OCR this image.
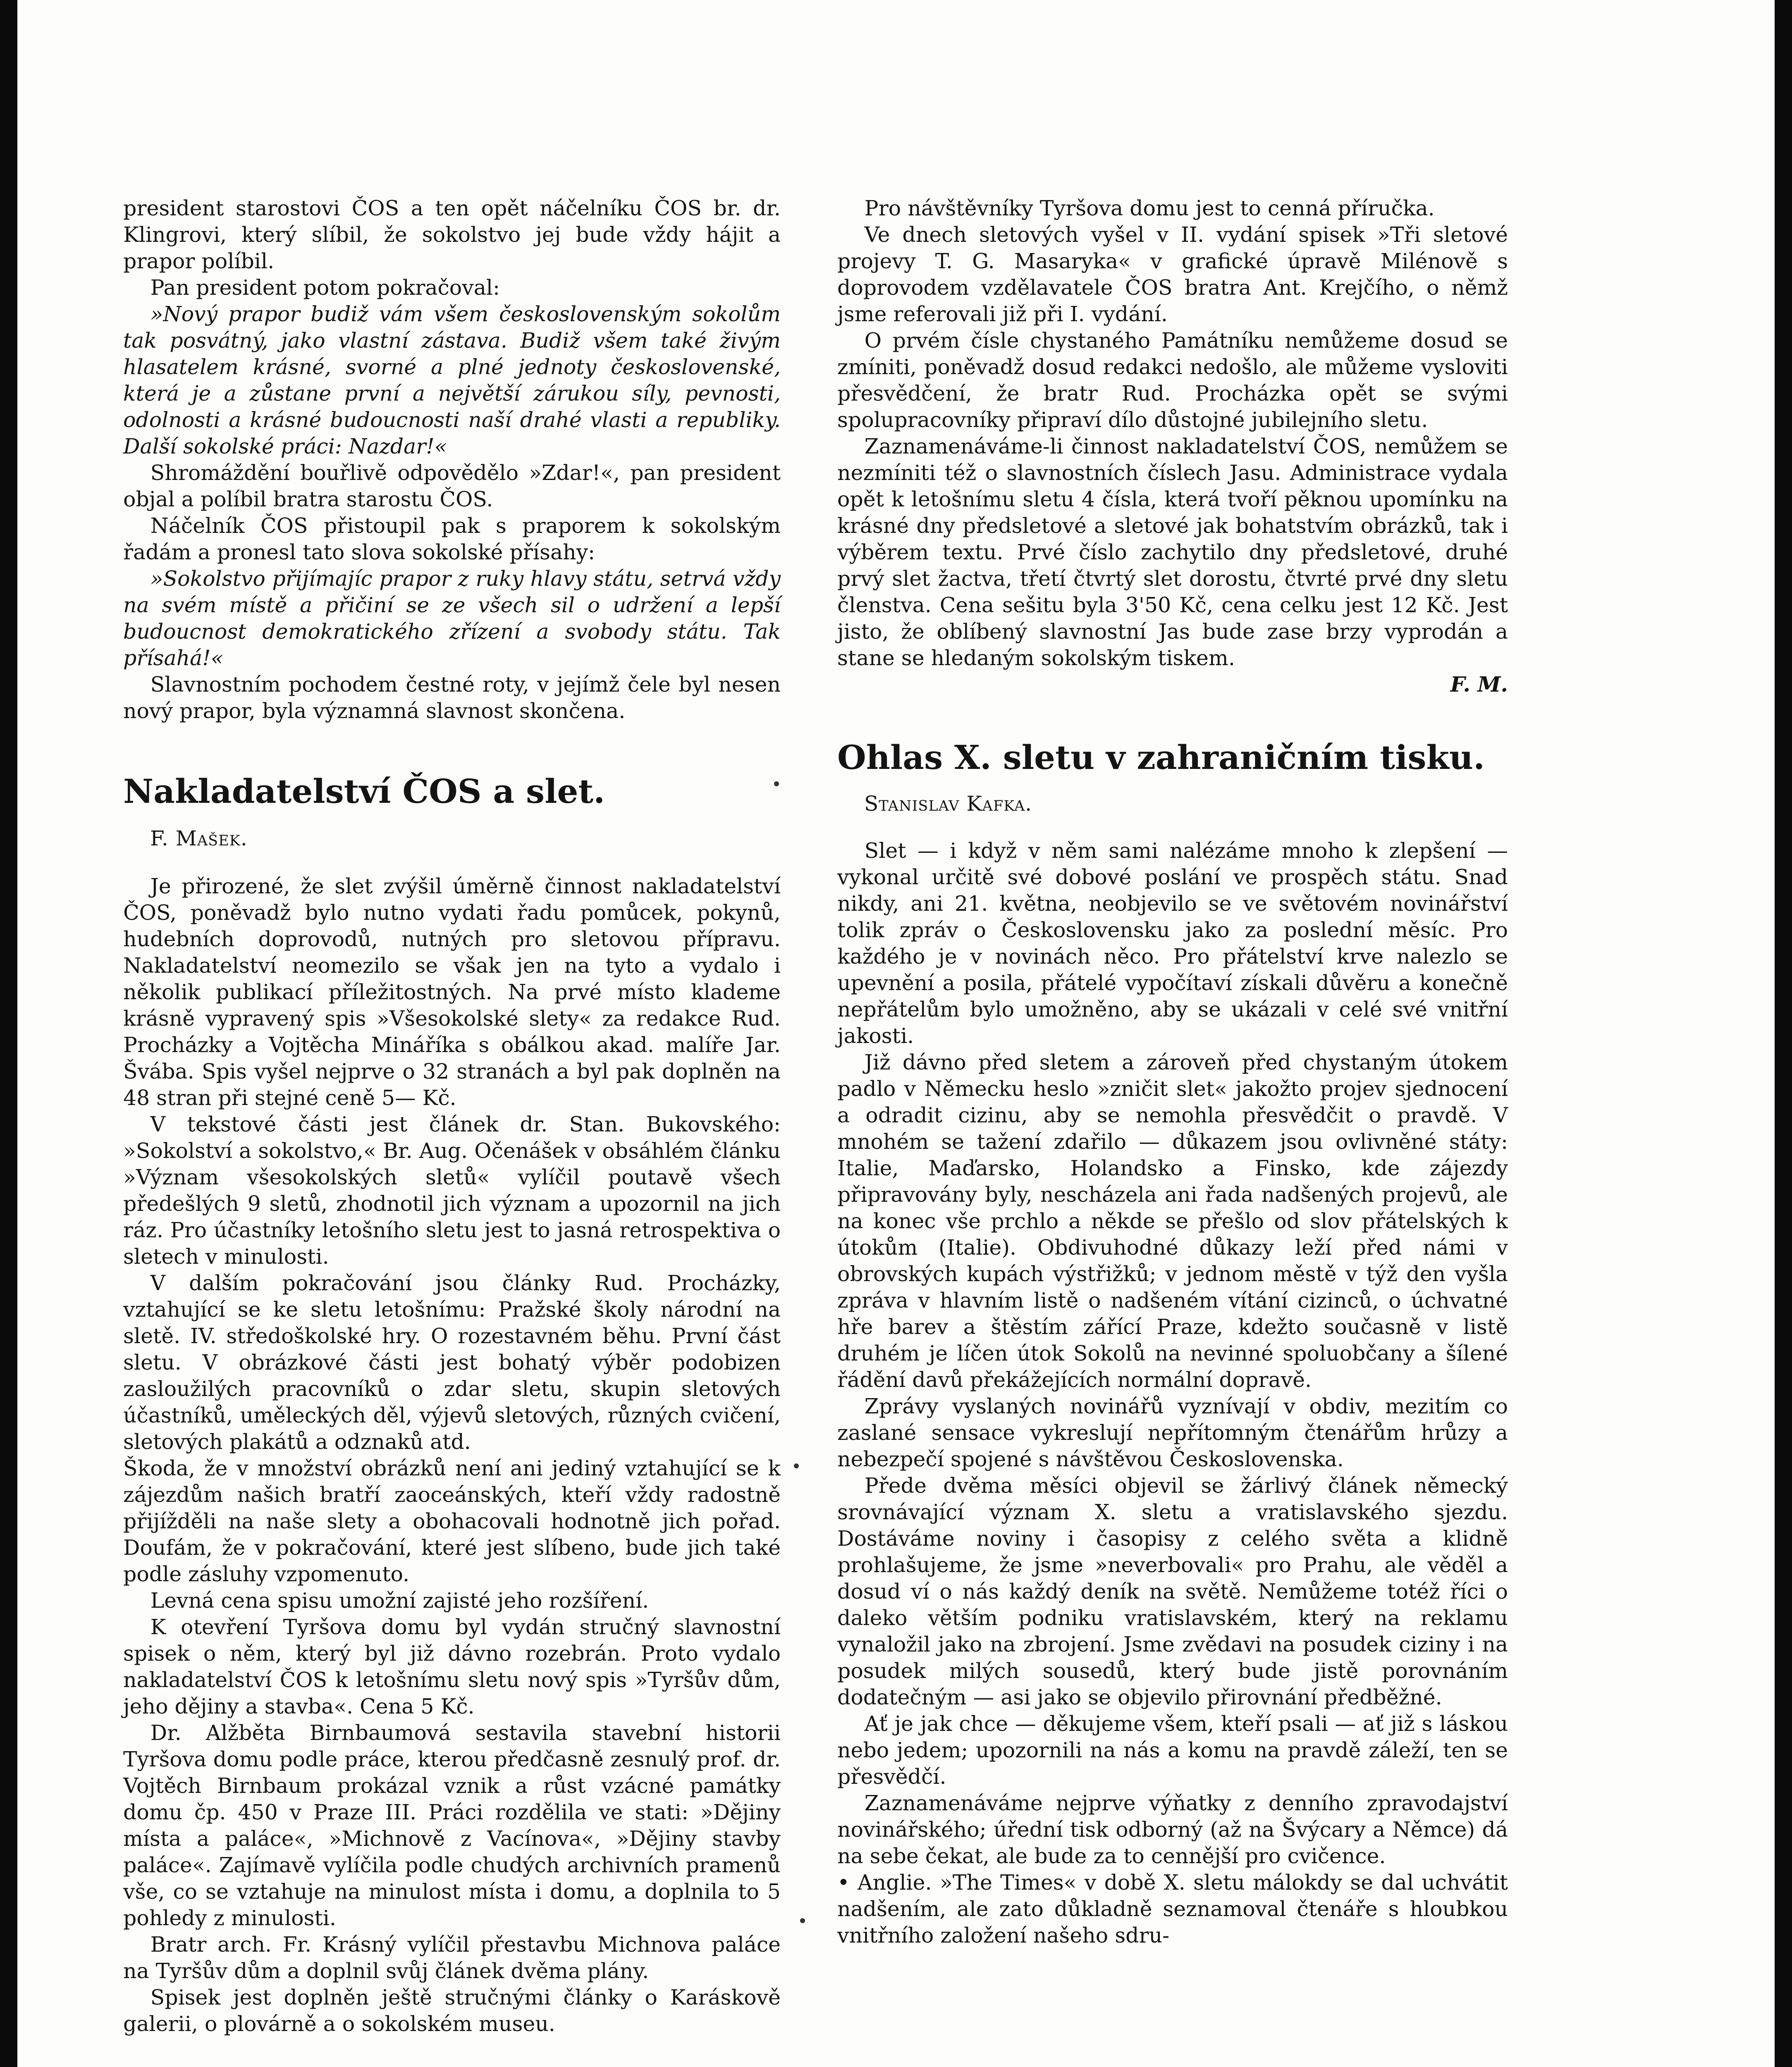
president starostovi ČOS a ten opět náčelníku ČOS br. dr. Klingrovi, který slíbil, že sokolstvo jej bude vždy hájit a prapor políbil.

Pan president potom pokračoval:

»Nový prapor budiž vám všem československým sokolům tak posvátný, jako vlastní zástava. Budiž všem také živým hlasatelem krásné, svorné a plné jednoty československé, která je a zůstane první a největší zárukou síly, pevnosti, odolnosti a krásné budoucnosti naší drahé vlasti a republiky. Další sokolské práci: Nazdar!«

Shromáždění bouřlivě odpovědělo »Zdar!«, pan president objal a políbil bratra starostu ČOS.

Náčelník ČOS přistoupil pak s praporem k sokolským řadám a pronesl tato slova sokolské přísahy:

»Sokolstvo přijímajíc prapor z ruky hlavy státu, setrvá vždy na svém místě a přičiní se ze všech sil o udržení a lepší budoucnost demokratického zřízení a svobody státu. Tak přísahá!«

Slavnostním pochodem čestné roty, v jejímž čele byl nesen nový prapor, byla významná slavnost skončena.

Nakladatelství ČOS a slet.

F. Mašek.

Je přirozené, že slet zvýšil úměrně činnost nakladatelství ČOS, poněvadž bylo nutno vydati řadu pomůcek, pokynů, hudebních doprovodů, nutných pro sletovou přípravu. Nakladatelství neomezilo se však jen na tyto a vydalo i několik publikací příležitostných. Na prvé místo klademe krásně vypravený spis »Všesokolské slety« za redakce Rud. Procházky a Vojtěcha Mináříka s obálkou akad. malíře Jar. Švába. Spis vyšel nejprve o 32 stranách a byl pak doplněn na 48 stran při stejné ceně 5— Kč.

V tekstové části jest článek dr. Stan. Bukovského: »Sokolství a sokolstvo,« Br. Aug. Očenášek v obsáhlém článku »Význam všesokolských sletů« vylíčil poutavě všech předešlých 9 sletů, zhodnotil jich význam a upozornil na jich ráz. Pro účastníky letošního sletu jest to jasná retrospektiva o sletech v minulosti.

V dalším pokračování jsou články Rud. Procházky, vztahující se ke sletu letošnímu: Pražské školy národní na sletě. IV. středoškolské hry. O rozestavném běhu. První část sletu. V obrázkové části jest bohatý výběr podobizen zasloužilých pracovníků o zdar sletu, skupin sletových účastníků, uměleckých děl, výjevů sletových, různých cvičení, sletových plakátů a odznaků atd.

Škoda, že v množství obrázků není ani jediný vztahující se k zájezdům našich bratří zaoceánských, kteří vždy radostně přijížděli na naše slety a obohacovali hodnotně jich pořad. Doufám, že v pokračování, které jest slíbeno, bude jich také podle zásluhy vzpomenuto.

Levná cena spisu umožní zajisté jeho rozšíření.

K otevření Tyršova domu byl vydán stručný slavnostní spisek o něm, který byl již dávno rozebrán. Proto vydalo nakladatelství ČOS k letošnímu sletu nový spis »Tyršův dům, jeho dějiny a stavba«. Cena 5 Kč.

Dr. Alžběta Birnbaumová sestavila stavební historii Tyršova domu podle práce, kterou předčasně zesnulý prof. dr. Vojtěch Birnbaum prokázal vznik a růst vzácné památky domu čp. 450 v Praze III. Práci rozdělila ve stati: »Dějiny místa a paláce«, »Michnově z Vacínova«, »Dějiny stavby paláce«. Zajímavě vylíčila podle chudých archivních pramenů vše, co se vztahuje na minulost místa i domu, a doplnila to 5 pohledy z minulosti.

Bratr arch. Fr. Krásný vylíčil přestavbu Michnova paláce na Tyršův dům a doplnil svůj článek dvěma plány.

Spisek jest doplněn ještě stručnými články o Karáskově galerii, o plovárně a o sokolském museu.

Pro návštěvníky Tyršova domu jest to cenná příručka.

Ve dnech sletových vyšel v II. vydání spisek »Tři sletové projevy T. G. Masaryka« v grafické úpravě Milénově s doprovodem vzdělavatele ČOS bratra Ant. Krejčího, o němž jsme referovali již při I. vydání.

O prvém čísle chystaného Památníku nemůžeme dosud se zmíniti, poněvadž dosud redakci nedošlo, ale můžeme vysloviti přesvědčení, že bratr Rud. Procházka opět se svými spolupracovníky připraví dílo důstojné jubilejního sletu.

Zaznamenáváme-li činnost nakladatelství ČOS, nemůžem se nezmíniti též o slavnostních číslech Jasu. Administrace vydala opět k letošnímu sletu 4 čísla, která tvoří pěknou upomínku na krásné dny předsletové a sletové jak bohatstvím obrázků, tak i výběrem textu. Prvé číslo zachytilo dny předsletové, druhé prvý slet žactva, třetí čtvrtý slet dorostu, čtvrté prvé dny sletu členstva. Cena sešitu byla 3'50 Kč, cena celku jest 12 Kč. Jest jisto, že oblíbený slavnostní Jas bude zase brzy vyprodán a stane se hledaným sokolským tiskem.

F. M.
Ohlas X. sletu v zahraničním tisku.

Stanislav Kafka.

Slet — i když v něm sami nalézáme mnoho k zlepšení — vykonal určitě své dobové poslání ve prospěch státu. Snad nikdy, ani 21. května, neobjevilo se ve světovém novinářství tolik zpráv o Československu jako za poslední měsíc. Pro každého je v novinách něco. Pro přátelství krve nalezlo se upevnění a posila, přátelé vypočítaví získali důvěru a konečně nepřátelům bylo umožněno, aby se ukázali v celé své vnitřní jakosti.

Již dávno před sletem a zároveň před chystaným útokem padlo v Německu heslo »zničit slet« jakožto projev sjednocení a odradit cizinu, aby se nemohla přesvědčit o pravdě. V mnohém se tažení zdařilo — důkazem jsou ovlivněné státy: Italie, Maďarsko, Holandsko a Finsko, kde zájezdy připravovány byly, nescházela ani řada nadšených projevů, ale na konec vše prchlo a někde se přešlo od slov přátelských k útokům (Italie). Obdivuhodné důkazy leží před námi v obrovských kupách výstřižků; v jednom městě v týž den vyšla zpráva v hlavním listě o nadšeném vítání cizinců, o úchvatné hře barev a štěstím zářící Praze, kdežto současně v listě druhém je líčen útok Sokolů na nevinné spoluobčany a šílené řádění davů překážejících normální dopravě.

Zprávy vyslaných novinářů vyznívají v obdiv, mezitím co zaslané sensace vykreslují nepřítomným čtenářům hrůzy a nebezpečí spojené s návštěvou Československa.

Přede dvěma měsíci objevil se žárlivý článek německý srovnávající význam X. sletu a vratislavského sjezdu. Dostáváme noviny i časopisy z celého světa a klidně prohlašujeme, že jsme »neverbovali« pro Prahu, ale věděl a dosud ví o nás každý deník na světě. Nemůžeme totéž říci o daleko větším podniku vratislavském, který na reklamu vynaložil jako na zbrojení. Jsme zvědavi na posudek ciziny i na posudek milých sousedů, který bude jistě porovnáním dodatečným — asi jako se objevilo přirovnání předběžné.

Ať je jak chce — děkujeme všem, kteří psali — ať již s láskou nebo jedem; upozornili na nás a komu na pravdě záleží, ten se přesvědčí.

Zaznamenáváme nejprve výňatky z denního zpravodajství novinářského; úřední tisk odborný (až na Švýcary a Němce) dá na sebe čekat, ale bude za to cennější pro cvičence.

• Anglie. »The Times« v době X. sletu málokdy se dal uchvátit nadšením, ale zato důkladně seznamoval čtenáře s hloubkou vnitřního založení našeho sdru-
